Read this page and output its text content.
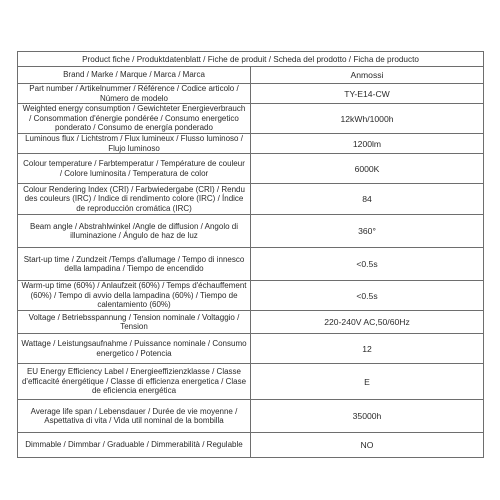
Product fiche / Produktdatenblatt / Fiche de produit / Scheda del prodotto / Ficha de producto	
Brand / Marke / Marque / Marca / Marca	Anmossi
Part number / Artikelnummer / Référence / Codice articolo / Número de modelo	TY-E14-CW
Weighted energy consumption / Gewichteter Energieverbrauch / Consommation d'énergie pondérée / Consumo energetico ponderato / Consumo de energía ponderado	12kWh/1000h
Luminous flux / Lichtstrom / Flux lumineux / Flusso luminoso / Flujo luminoso	1200lm
Colour temperature / Farbtemperatur / Température de couleur / Colore luminosita / Temperatura de color	6000K
Colour Rendering Index (CRI) / Farbwiedergabe (CRI) / Rendu des couleurs (IRC) / Indice di rendimento colore (IRC) / Índice de reproducción cromática (IRC)	84
Beam angle / Abstrahlwinkel /Angle de diffusion / Angolo di illuminazione / Ángulo de haz de luz	360°
Start-up time / Zundzeit /Temps d'allumage / Tempo di innesco della lampadina / Tiempo de encendido	<0.5s
Warm-up time (60%) / Anlaufzeit (60%) / Temps d'échauffement (60%) / Tempo di avvio della lampadina (60%) / Tiempo de calentamiento (60%)	<0.5s
Voltage / Betriebsspannung / Tension nominale / Voltaggio / Tension	220-240V AC,50/60Hz
Wattage / Leistungsaufnahme / Puissance nominale / Consumo energetico / Potencia	12
EU Energy Efficiency Label / Energieeffizienzklasse / Classe d'efficacité énergétique / Classe di efficienza energetica / Clase de eficiencia energética	E
Average life span / Lebensdauer / Durée de vie moyenne / Aspettativa di vita / Vida util nominal de la bombilla	35000h
Dimmable / Dimmbar / Graduable / Dimmerabilità / Regulable	NO
